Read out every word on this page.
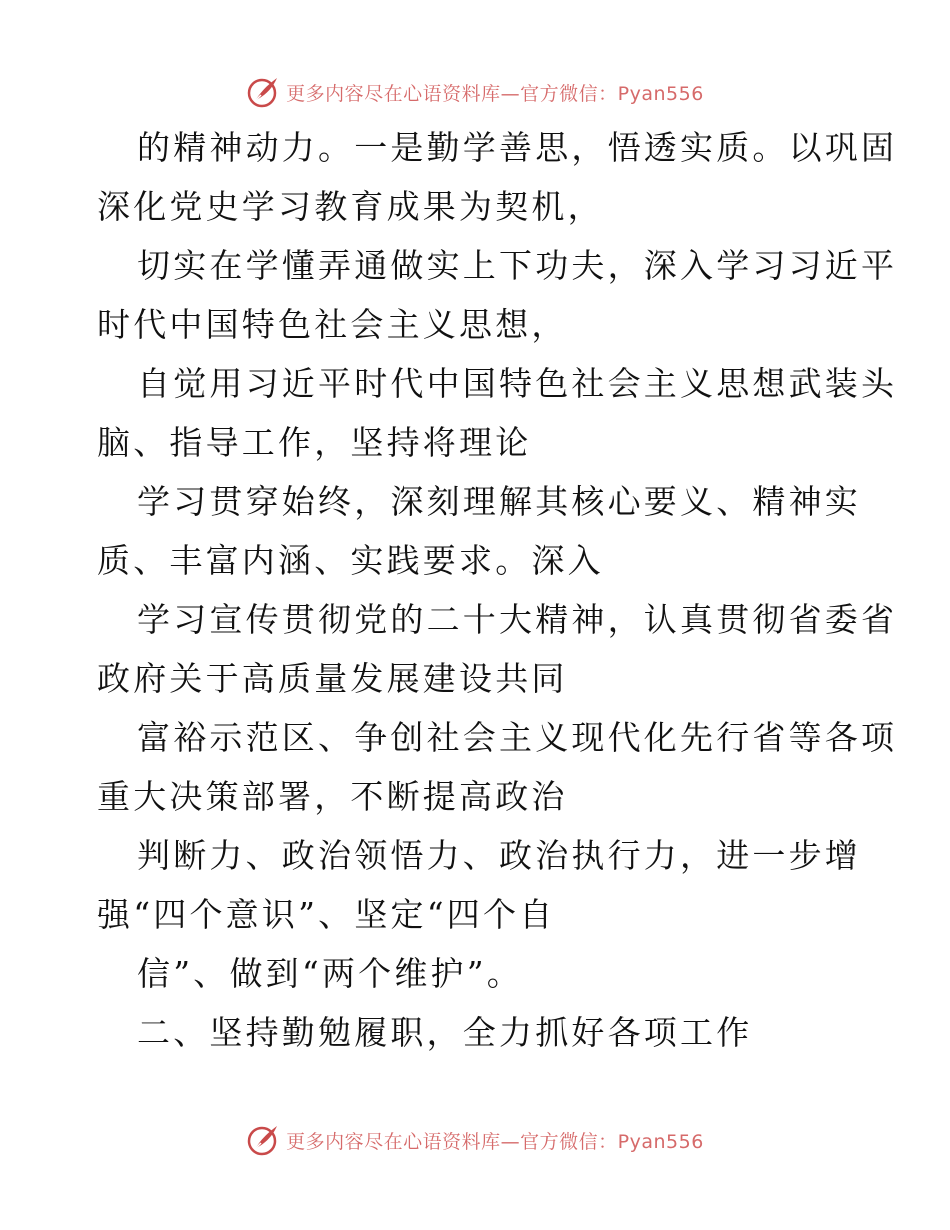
更多内容尽在心语资料库—官方微信：Pyan556
的精神动力。一是勤学善思，悟透实质。以巩固
深化党史学习教育成果为契机，
切实在学懂弄通做实上下功夫，深入学习习近平
时代中国特色社会主义思想，
自觉用习近平时代中国特色社会主义思想武装头
脑、指导工作，坚持将理论
学习贯穿始终，深刻理解其核心要义、精神实
质、丰富内涵、实践要求。深入
学习宣传贯彻党的二十大精神，认真贯彻省委省
政府关于高质量发展建设共同
富裕示范区、争创社会主义现代化先行省等各项
重大决策部署，不断提高政治
判断力、政治领悟力、政治执行力，进一步增
强“四个意识”、坚定“四个自
信”、做到“两个维护”。
二、坚持勤勉履职，全力抓好各项工作
更多内容尽在心语资料库—官方微信：Pyan556
